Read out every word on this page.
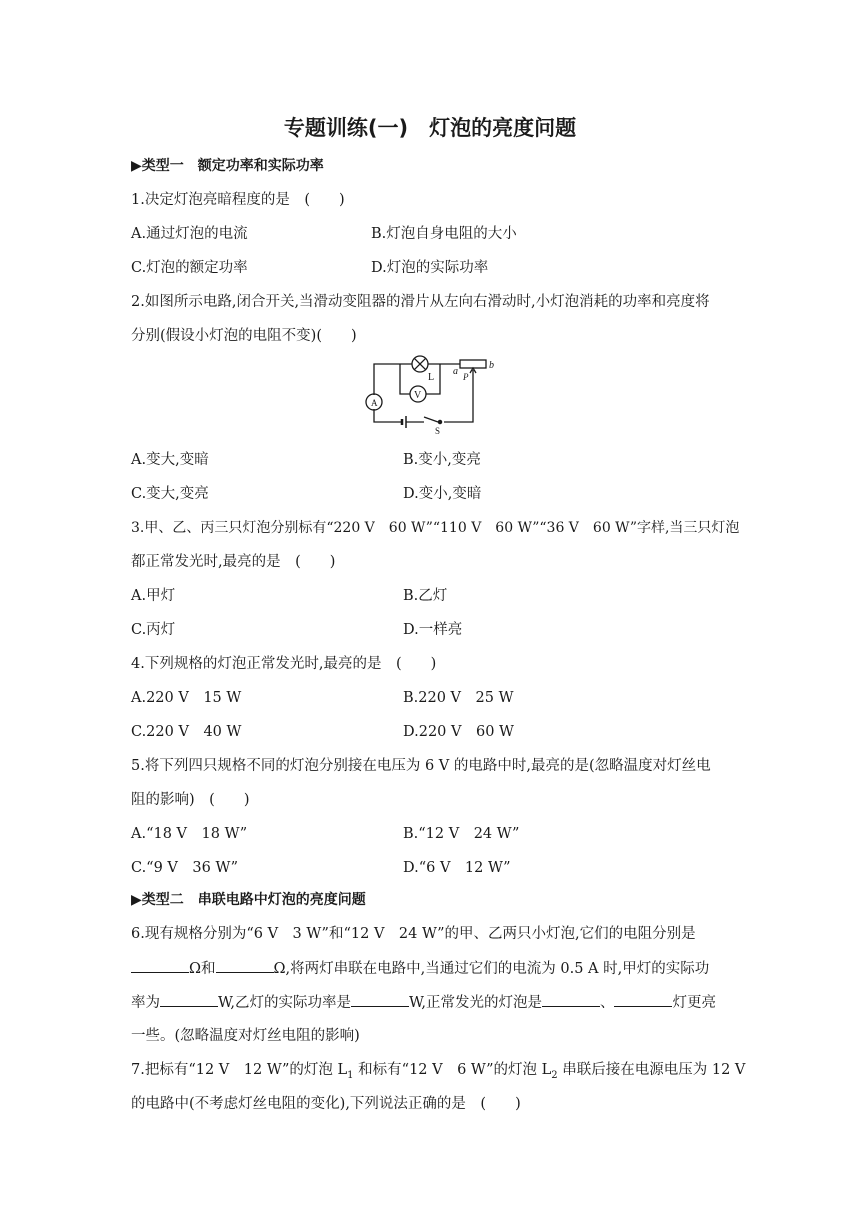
专题训练(一)　灯泡的亮度问题
▶类型一　额定功率和实际功率
1.决定灯泡亮暗程度的是　(　　)
A.通过灯泡的电流	B.灯泡自身电阻的大小
C.灯泡的额定功率	D.灯泡的实际功率
2.如图所示电路,闭合开关,当滑动变阻器的滑片从左向右滑动时,小灯泡消耗的功率和亮度将
分别(假设小灯泡的电阻不变)(　　)
L
V
A
a P
b
S
A.变大,变暗	B.变小,变亮
C.变大,变亮	D.变小,变暗
3.甲、乙、丙三只灯泡分别标有“220 V　60 W”“110 V　60 W”“36 V　60 W”字样,当三只灯泡
都正常发光时,最亮的是　(　　)
A.甲灯	B.乙灯
C.丙灯	D.一样亮
4.下列规格的灯泡正常发光时,最亮的是　(　　)
A.220 V　15 W	B.220 V　25 W
C.220 V　40 W	D.220 V　60 W
5.将下列四只规格不同的灯泡分别接在电压为 6 V 的电路中时,最亮的是(忽略温度对灯丝电
阻的影响)　(　　)
A.“18 V　18 W”	B.“12 V　24 W”
C.“9 V　36 W”	D.“6 V　12 W”
▶类型二　串联电路中灯泡的亮度问题
6.现有规格分别为“6 V　3 W”和“12 V　24 W”的甲、乙两只小灯泡,它们的电阻分别是
Ω和	Ω,将两灯串联在电路中,当通过它们的电流为 0.5 A 时,甲灯的实际功
率为	W,乙灯的实际功率是	W,正常发光的灯泡是	、	灯更亮
一些。(忽略温度对灯丝电阻的影响)
7.把标有“12 V　12 W”的灯泡 $L_1$ 和标有“12 V　6 W”的灯泡 $L_2$ 串联后接在电源电压为 12 V
的电路中(不考虑灯丝电阻的变化),下列说法正确的是　(　　)
